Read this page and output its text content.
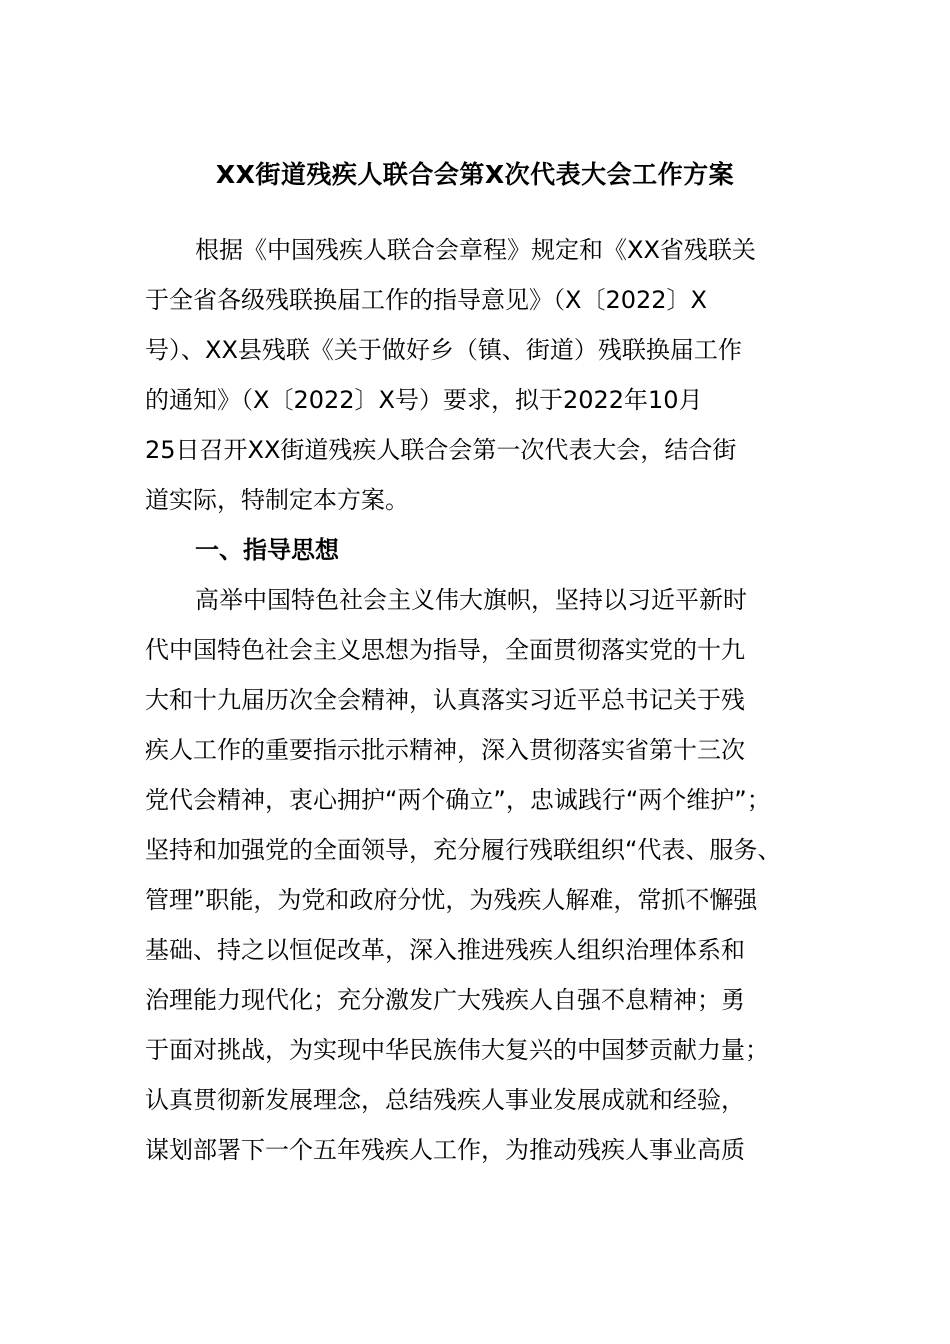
XX街道残疾人联合会第X次代表大会工作方案
根据《中国残疾人联合会章程》规定和《XX省残联关
于全省各级残联换届工作的指导意见》（X〔2022〕X
号）、XX县残联《关于做好乡（镇、街道）残联换届工作
的通知》（X〔2022〕X号）要求，拟于2022年10月
25日召开XX街道残疾人联合会第一次代表大会，结合街
道实际，特制定本方案。
一、指导思想
高举中国特色社会主义伟大旗帜，坚持以习近平新时
代中国特色社会主义思想为指导，全面贯彻落实党的十九
大和十九届历次全会精神，认真落实习近平总书记关于残
疾人工作的重要指示批示精神，深入贯彻落实省第十三次
党代会精神，衷心拥护“两个确立”，忠诚践行“两个维护”；
坚持和加强党的全面领导，充分履行残联组织“代表、服务、
管理”职能，为党和政府分忧，为残疾人解难，常抓不懈强
基础、持之以恒促改革，深入推进残疾人组织治理体系和
治理能力现代化；充分激发广大残疾人自强不息精神；勇
于面对挑战，为实现中华民族伟大复兴的中国梦贡献力量；
认真贯彻新发展理念，总结残疾人事业发展成就和经验，
谋划部署下一个五年残疾人工作，为推动残疾人事业高质
